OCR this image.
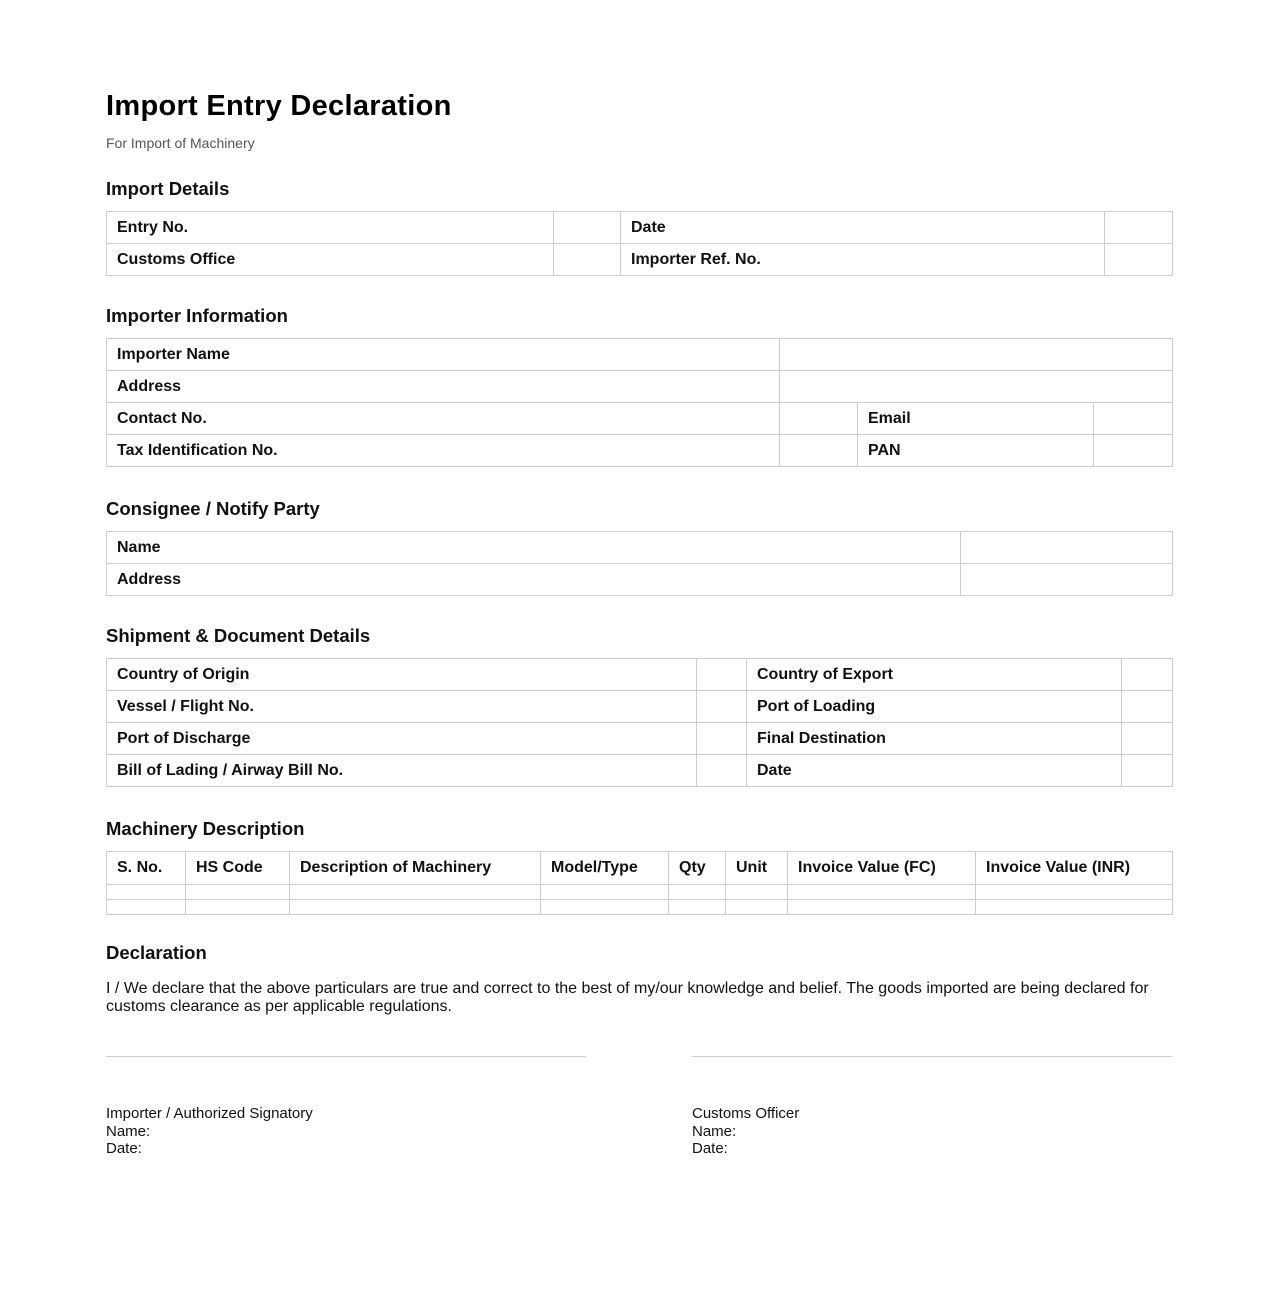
Import Entry Declaration
For Import of Machinery
Import Details
Entry No.		Date	
Customs Office		Importer Ref. No.	
Importer Information
Importer Name			
Address			
Contact No.		Email	
Tax Identification No.		PAN	
Consignee / Notify Party
Name	
Address	
Shipment & Document Details
Country of Origin		Country of Export	
Vessel / Flight No.		Port of Loading	
Port of Discharge		Final Destination	
Bill of Lading / Airway Bill No.		Date	
Machinery Description
S. No.	HS Code	Description of Machinery	Model/Type	Qty	Unit	Invoice Value (FC)	Invoice Value (INR)

Declaration
I / We declare that the above particulars are true and correct to the best of my/our knowledge and belief. The goods imported are being declared for customs clearance as per applicable regulations.
Importer / Authorized Signatory
Name:
Date:
Customs Officer
Name:
Date:
